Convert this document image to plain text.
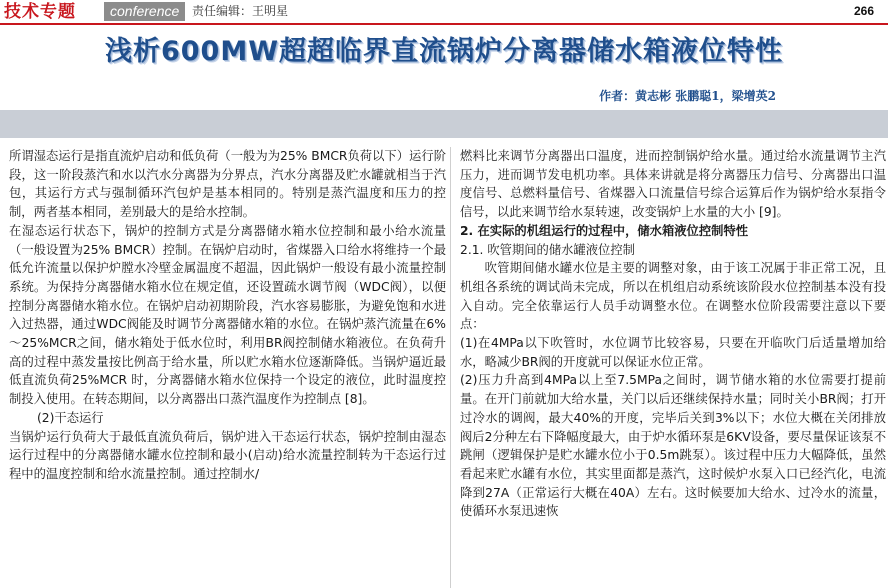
技术专题	conference	责任编辑：王明星	266
浅析600MW超超临界直流锅炉分离器储水箱液位特性
作者：黄志彬 张鹏聪1，梁增英2

所谓湿态运行是指直流炉启动和低负荷（一般为为25% BMCR负荷以下）运行阶段，这一阶段蒸汽和水以汽水分离器为分界点，汽水分离器及贮水罐就相当于汽包，其运行方式与强制循环汽包炉是基本相同的。特别是蒸汽温度和压力的控制，两者基本相同，差别最大的是给水控制。

在湿态运行状态下，锅炉的控制方式是分离器储水箱水位控制和最小给水流量（一般设置为25% BMCR）控制。在锅炉启动时，省煤器入口给水将维持一个最低允许流量以保护炉膛水冷壁金属温度不超温，因此锅炉一般设有最小流量控制系统。为保持分离器储水箱水位在规定值，还设置疏水调节阀（WDC阀），以便控制分离器储水箱水位。在锅炉启动初期阶段，汽水容易膨胀，为避免饱和水进入过热器，通过WDC阀能及时调节分离器储水箱的水位。在锅炉蒸汽流量在6%～25%MCR之间，储水箱处于低水位时，利用BR阀控制储水箱液位。在负荷升高的过程中蒸发量按比例高于给水量，所以贮水箱水位逐渐降低。当锅炉逼近最低直流负荷25%MCR 时，分离器储水箱水位保持一个设定的液位，此时温度控制投入使用。在转态期间，以分离器出口蒸汽温度作为控制点 [8]。

(2)干态运行

当锅炉运行负荷大于最低直流负荷后，锅炉进入干态运行状态，锅炉控制由湿态运行过程中的分离器储水罐水位控制和最小(启动)给水流量控制转为干态运行过程中的温度控制和给水流量控制。通过控制水/

燃料比来调节分离器出口温度，进而控制锅炉给水量。通过给水流量调节主汽压力，进而调节发电机功率。具体来讲就是将分离器压力信号、分离器出口温度信号、总燃料量信号、省煤器入口流量信号综合运算后作为锅炉给水泵指令信号，以此来调节给水泵转速，改变锅炉上水量的大小 [9]。

2. 在实际的机组运行的过程中，储水箱液位控制特性

2.1. 吹管期间的储水罐液位控制

吹管期间储水罐水位是主要的调整对象，由于该工况属于非正常工况，且机组各系统的调试尚未完成，所以在机组启动系统该阶段水位控制基本没有投入自动。完全依靠运行人员手动调整水位。在调整水位阶段需要注意以下要点：

(1)在4MPa以下吹管时，水位调节比较容易，只要在开临吹门后适量增加给水，略减少BR阀的开度就可以保证水位正常。

(2)压力升高到4MPa以上至7.5MPa之间时，调节储水箱的水位需要打提前量。在开门前就加大给水量，关门以后还继续保持水量；同时关小BR阀；打开过冷水的调阀，最大40%的开度，完毕后关到3%以下；水位大概在关闭排放阀后2分种左右下降幅度最大，由于炉水循环泵是6KV设备，要尽量保证该泵不跳闸（逻辑保护是贮水罐水位小于0.5m跳泵）。该过程中压力大幅降低，虽然看起来贮水罐有水位，其实里面都是蒸汽，这时候炉水泵入口已经汽化，电流降到27A（正常运行大概在40A）左右。这时候要加大给水、过冷水的流量，使循环水泵迅速恢
